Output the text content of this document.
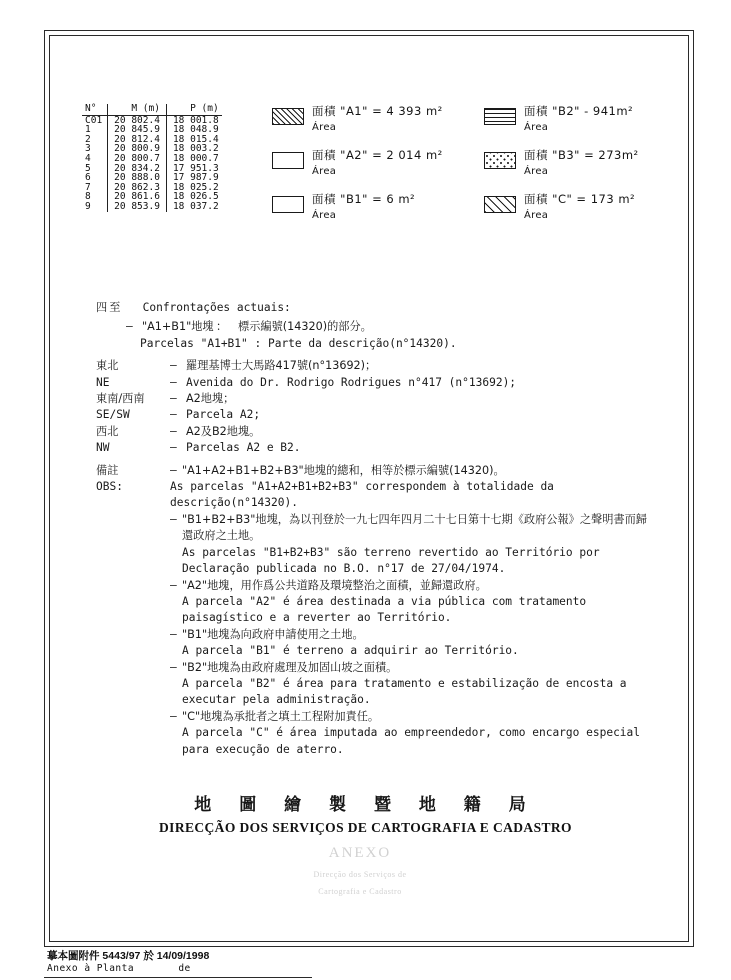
N°	M (m)	P (m)
C01	20 802.4	18 001.8
1	20 845.9	18 048.9
2	20 812.4	18 015.4
3	20 800.9	18 003.2
4	20 800.7	18 000.7
5	20 834.2	17 951.3
6	20 888.0	17 987.9
7	20 862.3	18 025.2
8	20 861.6	18 026.5
9	20 853.9	18 037.2
面積 "A1" = 4 393 m²
Área
面積 "A2" = 2 014 m²
Área
面積 "B1" = 6 m²
Área
面積 "B2" - 941m²
Área
面積 "B3" = 273m²
Área
面積 "C" = 173 m²
Área
四至 Confrontações actuais:
– "A1+B1"地塊 ： 標示編號(14320)的部分。
Parcelas "A1+B1" : Parte da descrição(n°14320).
東北	– 羅理基博士大馬路417號(n°13692)；
NE	– Avenida do Dr. Rodrigo Rodrigues n°417 (n°13692);
東南/西南	– A2地塊；
SE/SW	– Parcela A2;
西北	– A2及B2地塊。
NW	– Parcelas A2 e B2.
備註	– "A1+A2+B1+B2+B3"地塊的總和，相等於標示編號(14320)。
OBS:	As parcelas "A1+A2+B1+B2+B3" correspondem à totalidade da descrição(n°14320).
– "B1+B2+B3"地塊，為以刊登於一九七四年四月二十七日第十七期《政府公報》之聲明書而歸還政府之土地。
As parcelas "B1+B2+B3" são terreno revertido ao Território por Declaração publicada no B.O. n°17 de 27/04/1974.
– "A2"地塊，用作爲公共道路及環境整治之面積，並歸還政府。
A parcela "A2" é área destinada a via pública com tratamento paisagístico e a reverter ao Território.
– "B1"地塊為向政府申請使用之土地。
A parcela "B1" é terreno a adquirir ao Território.
– "B2"地塊為由政府處理及加固山坡之面積。
A parcela "B2" é área para tratamento e estabilização de encosta a executar pela administração.
– "C"地塊為承批者之填土工程附加責任。
A parcela "C" é área imputada ao empreendedor, como encargo especial para execução de aterro.
地 圖 繪 製 暨 地 籍 局
DIRECÇÃO DOS SERVIÇOS DE CARTOGRAFIA E CADASTRO
ANEXO
Direcção dos Serviços de
Cartografia e Cadastro
摹本圖附件 5443/97 於 14/09/1998
Anexo à Planta	de
